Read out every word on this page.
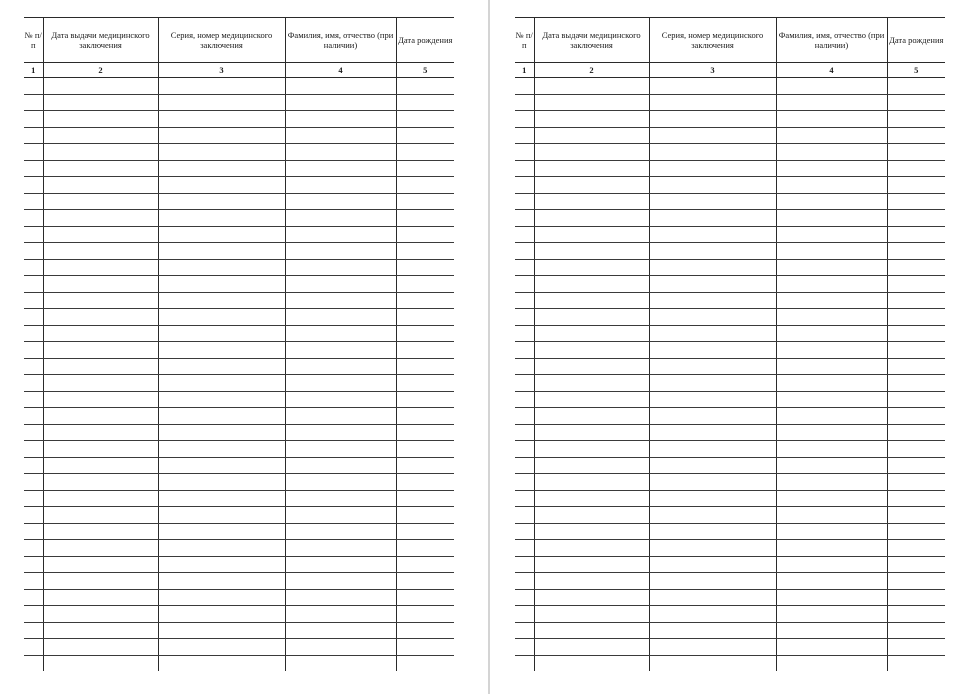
№ п/п	Дата выдачи медицинского заключения	Серия, номер медицинского заключения	Фамилия, имя, отчество (при наличии)	Дата рождения
1	2	3	4	5

№ п/п	Дата выдачи медицинского заключения	Серия, номер медицинского заключения	Фамилия, имя, отчество (при наличии)	Дата рождения
1	2	3	4	5
